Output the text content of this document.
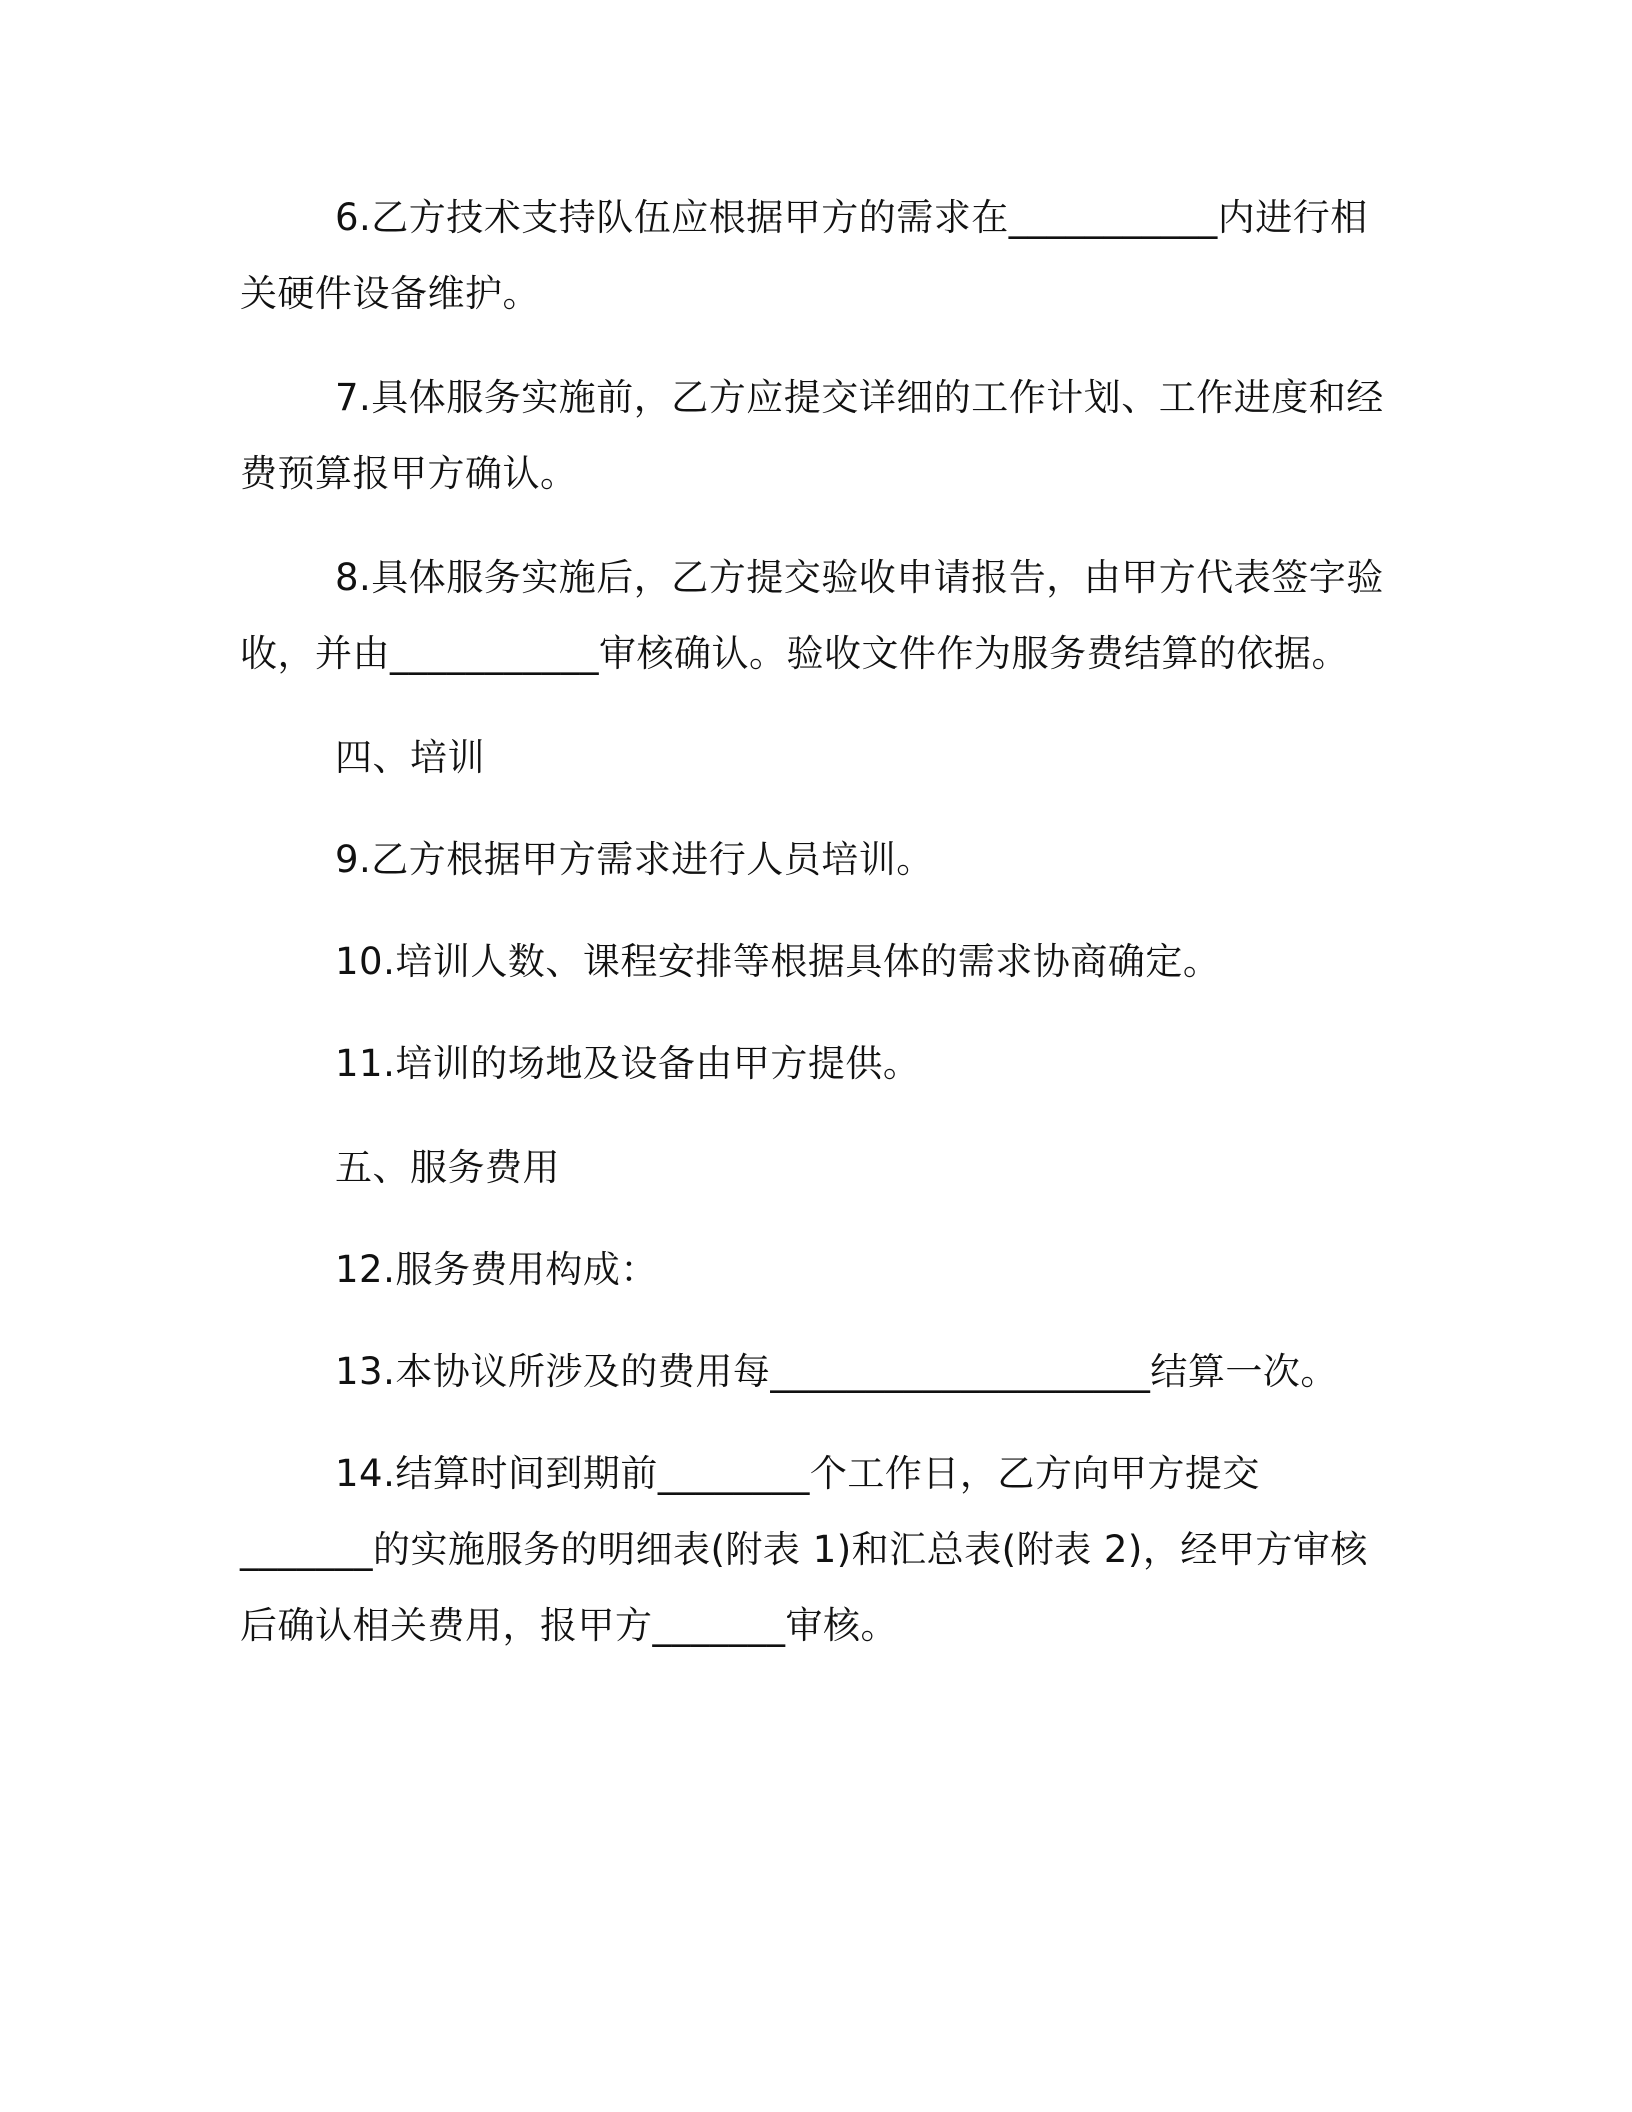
6.乙方技术支持队伍应根据甲方的需求在___________内进行相
关硬件设备维护。

7.具体服务实施前，乙方应提交详细的工作计划、工作进度和经
费预算报甲方确认。

8.具体服务实施后，乙方提交验收申请报告，由甲方代表签字验
收，并由___________审核确认。验收文件作为服务费结算的依据。

四、培训

9.乙方根据甲方需求进行人员培训。

10.培训人数、课程安排等根据具体的需求协商确定。

11.培训的场地及设备由甲方提供。

五、服务费用

12.服务费用构成：

13.本协议所涉及的费用每____________________结算一次。

14.结算时间到期前________个工作日，乙方向甲方提交
_______的实施服务的明细表(附表 1)和汇总表(附表 2)，经甲方审核
后确认相关费用，报甲方_______审核。
